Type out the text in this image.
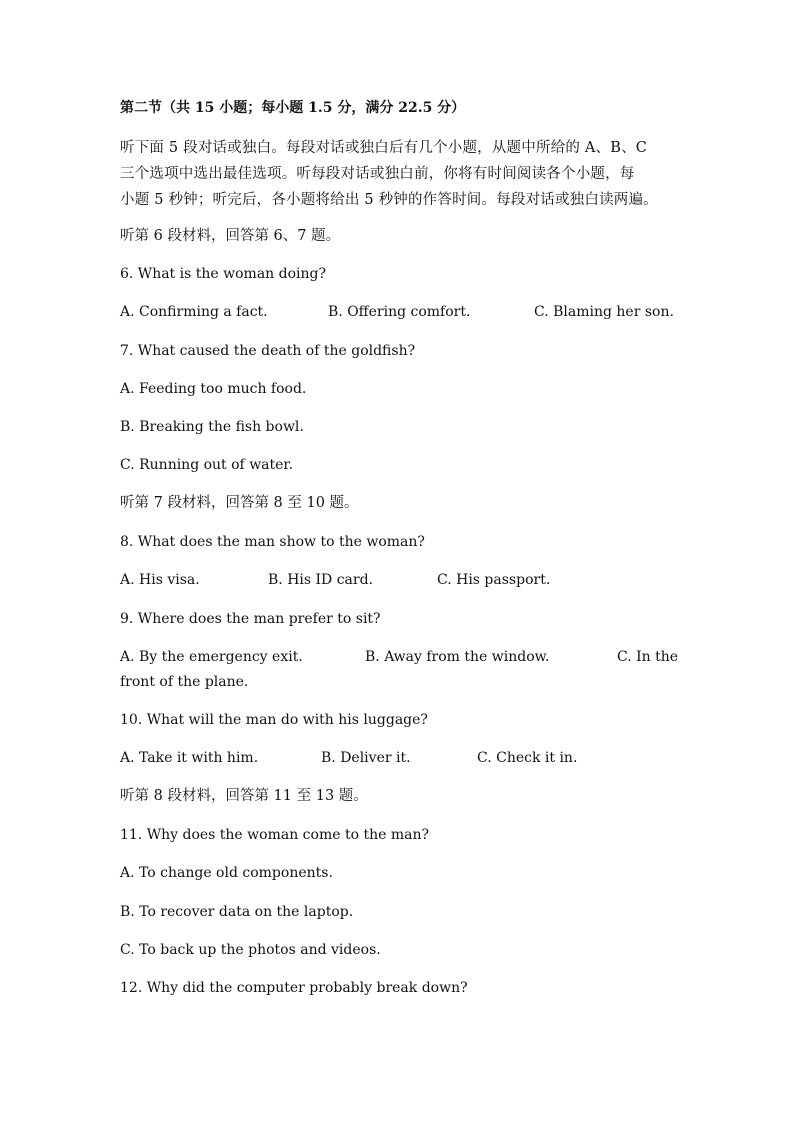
第二节（共 15 小题；每小题 1.5 分，满分 22.5 分）
听下面 5 段对话或独白。每段对话或独白后有几个小题，从题中所给的 A、B、C
三个选项中选出最佳选项。听每段对话或独白前，你将有时间阅读各个小题，每
小题 5 秒钟；听完后，各小题将给出 5 秒钟的作答时间。每段对话或独白读两遍。
听第 6 段材料，回答第 6、7 题。
6. What is the woman doing?
A. Confirming a fact.	B. Offering comfort.	C. Blaming her son.
7. What caused the death of the goldfish?
A. Feeding too much food.
B. Breaking the fish bowl.
C. Running out of water.
听第 7 段材料，回答第 8 至 10 题。
8. What does the man show to the woman?
A. His visa.	B. His ID card.	C. His passport.
9. Where does the man prefer to sit?
A. By the emergency exit.	B. Away from the window.	C. In the
front of the plane.
10. What will the man do with his luggage?
A. Take it with him.	B. Deliver it.	C. Check it in.
听第 8 段材料，回答第 11 至 13 题。
11. Why does the woman come to the man?
A. To change old components.
B. To recover data on the laptop.
C. To back up the photos and videos.
12. Why did the computer probably break down?
